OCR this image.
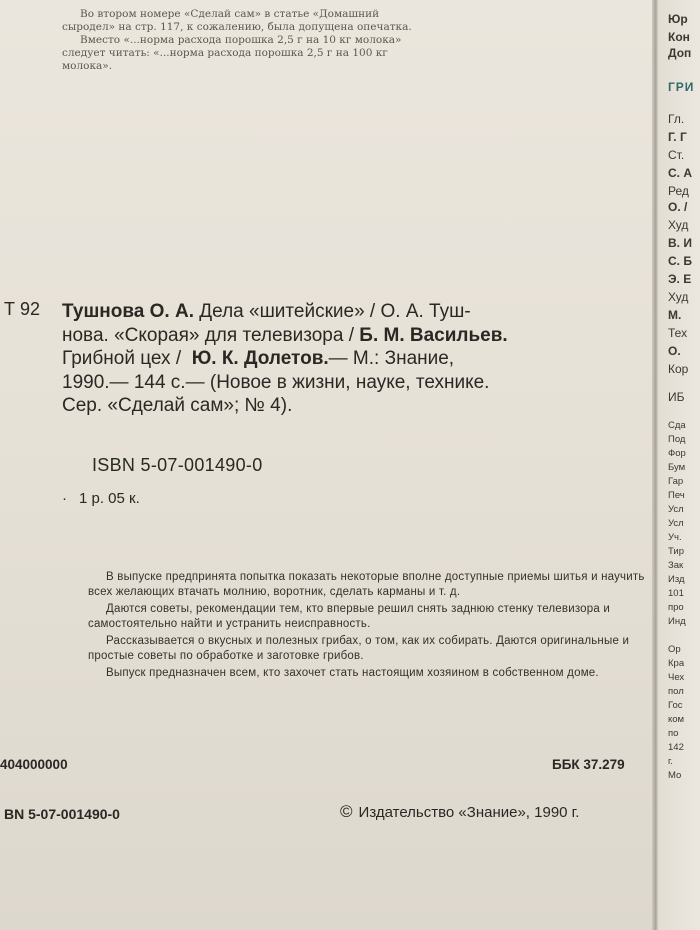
Во втором номере «Сделай сам» в статье «Домашний сыродел» на стр. 117, к сожалению, была допущена опечатка.

Вместо «...норма расхода порошка 2,5 г на 10 кг молока» следует читать: «...норма расхода порошка 2,5 г на 100 кг молока».

Т 92 Тушнова О. А. Дела «шитейские» / О. А. Туш-
нова. «Скорая» для телевизора / Б. М. Васильев.
Грибной цех / Ю. К. Долетов.— М.: Знание,
1990.— 144 с.— (Новое в жизни, науке, технике.
Сер. «Сделай сам»; № 4).
ISBN 5-07-001490-0
· 1 р. 05 к.

В выпуске предпринята попытка показать некоторые вполне доступные приемы шитья и научить всех желающих втачать молнию, воротник, сделать карманы и т. д.

Даются советы, рекомендации тем, кто впервые решил снять заднюю стенку телевизора и самостоятельно найти и устранить неисправность.

Рассказывается о вкусных и полезных грибах, о том, как их собирать. Даются оригинальные и простые советы по обработке и заготовке грибов.

Выпуск предназначен всем, кто захочет стать настоящим хозяином в собственном доме.

404000000	ББК 37.279
BN 5-07-001490-0	© Издательство «Знание», 1990 г.
Юр
Кон
Доп
ГРИ
Гл.
Г. Г
Ст.
С. А
Ред
О. /
Худ
В. И
С. Б
Э. Е
Худ
М.
Тех
О.
Кор
ИБ
Сда
Под
Фор
Бум
Гар
Печ
Усл
Усл
Уч.
Тир
Зак
Изд
101
про
Инд
Ор
Кра
Чех
пол
Гос
ком
по
142
г.
Мо
